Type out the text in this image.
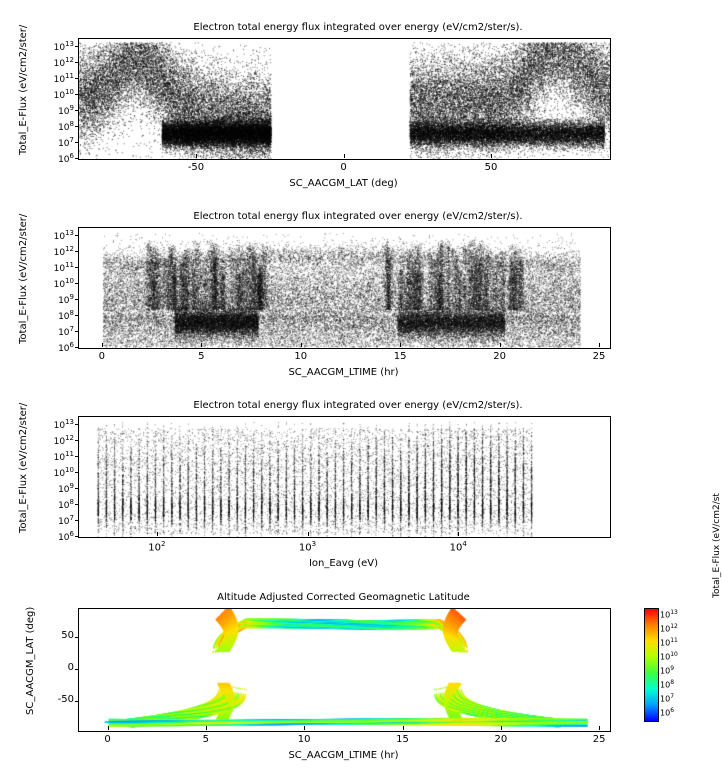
Electron total energy flux integrated over energy (eV/cm2/ster/s).
Total_E-Flux (eV/cm2/ster/
SC_AACGM_LAT (deg)
$10^6$
$10^7$
$10^8$
$10^9$
$10^{10}$
$10^{11}$
$10^{12}$
$10^{13}$
-50	0	50
Electron total energy flux integrated over energy (eV/cm2/ster/s).
Total_E-Flux (eV/cm2/ster/
SC_AACGM_LTIME (hr)
$10^6$
$10^7$
$10^8$
$10^9$
$10^{10}$
$10^{11}$
$10^{12}$
$10^{13}$
0	5	10	15	20	25
Electron total energy flux integrated over energy (eV/cm2/ster/s).
Total_E-Flux (eV/cm2/ster/
Ion_Eavg (eV)
$10^6$
$10^7$
$10^8$
$10^9$
$10^{10}$
$10^{11}$
$10^{12}$
$10^{13}$
$10^2$	$10^3$	$10^4$
Altitude Adjusted Corrected Geomagnetic Latitude
SC_AACGM_LAT (deg)
SC_AACGM_LTIME (hr)
-50
0
50
0	5	10	15	20	25
Total_E-Flux (eV/cm2/st
$10^6$
$10^7$
$10^8$
$10^9$
$10^{10}$
$10^{11}$
$10^{12}$
$10^{13}$
